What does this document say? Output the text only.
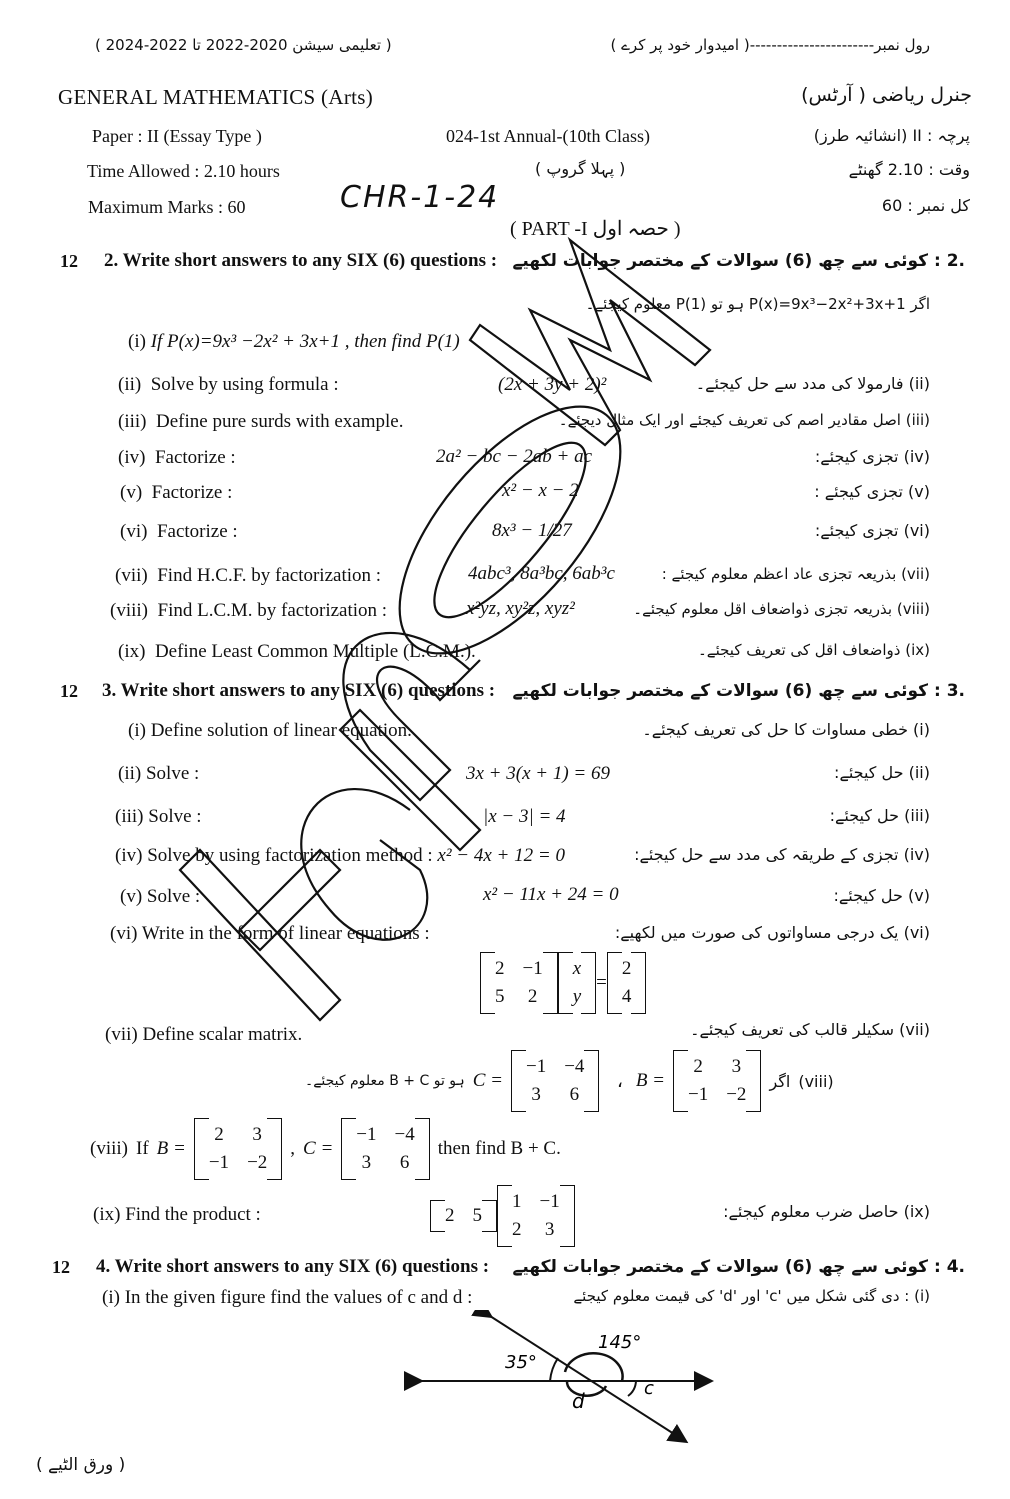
رول نمبر-----------------------( امیدوار خود پر کرے )
( تعلیمی سیشن 2020-2022 تا 2022-2024 )
GENERAL MATHEMATICS (Arts)	جنرل ریاضی ( آرٹس)
Paper : II (Essay Type )	024-1st Annual-(10th Class)	پرچہ : II (انشائیہ طرز)
Time Allowed : 2.10 hours	( پہلا گروپ )	وقت : 2.10 گھنٹے
Maximum Marks : 60	CHR-1-24	کل نمبر : 60
( PART -I حصہ اول )
12 2. Write short answers to any SIX (6) questions :	.2 : کوئی سے چھ (6) سوالات کے مختصر جوابات لکھیے
اگر P(x)=9x³−2x²+3x+1 ہو تو P(1) معلوم کیجئے۔
(i) If P(x)=9x³ −2x² + 3x+1 , then find P(1)
(ii) Solve by using formula :	(2x + 3y + 2)²	(ii) فارمولا کی مدد سے حل کیجئے۔
(iii) Define pure surds with example.	(iii) اصل مقادیر اصم کی تعریف کیجئے اور ایک مثال دیجئے۔
(iv) Factorize :	2a² − bc − 2ab + ac	(iv) تجزی کیجئے:
(v) Factorize :	x² − x − 2	(v) تجزی کیجئے :
(vi) Factorize :	8x³ − 1/27	(vi) تجزی کیجئے:
(vii) Find H.C.F. by factorization :	4abc³, 8a³bc, 6ab³c	(vii) بذریعہ تجزی عاد اعظم معلوم کیجئے :
(viii) Find L.C.M. by factorization :	x²yz, xy²z, xyz²	(viii) بذریعہ تجزی ذواضعاف اقل معلوم کیجئے۔
(ix) Define Least Common Multiple (L.C.M.).	(ix) ذواضعاف اقل کی تعریف کیجئے۔
12 3. Write short answers to any SIX (6) questions :	.3 : کوئی سے چھ (6) سوالات کے مختصر جوابات لکھیے
(i) Define solution of linear equation.	(i) خطی مساوات کا حل کی تعریف کیجئے۔
(ii) Solve :	3x + 3(x + 1) = 69	(ii) حل کیجئے:
(iii) Solve :	|x − 3| = 4	(iii) حل کیجئے:
(iv) Solve by using factorization method : x² − 4x + 12 = 0	(iv) تجزی کے طریقہ کی مدد سے حل کیجئے:
(v) Solve :	x² − 11x + 24 = 0	(v) حل کیجئے:
(vi) Write in the form of linear equations :	(vi) یک درجی مساواتوں کی صورت میں لکھیے:
2 −1
5 2
x
y
=
2
4
(vii) Define scalar matrix.	(vii) سکیلر قالب کی تعریف کیجئے۔
ہو تو B + C معلوم کیجئے۔ C =
−1 −4
3 6
، B =
2 3
−1 −2
اگر (viii)
(viii) If B =
2 3
−1 −2
, C =
−1 −4
3 6
then find B + C.
(ix) Find the product :	2 5
1 −1
2 3
(ix) حاصل ضرب معلوم کیجئے:
12 4. Write short answers to any SIX (6) questions :	.4 : کوئی سے چھ (6) سوالات کے مختصر جوابات لکھیے
(i) In the given figure find the values of c and d :	(i) : دی گئی شکل میں 'c' اور 'd' کی قیمت معلوم کیجئے
35°
145°
c
d
( ورق الٹیے )
